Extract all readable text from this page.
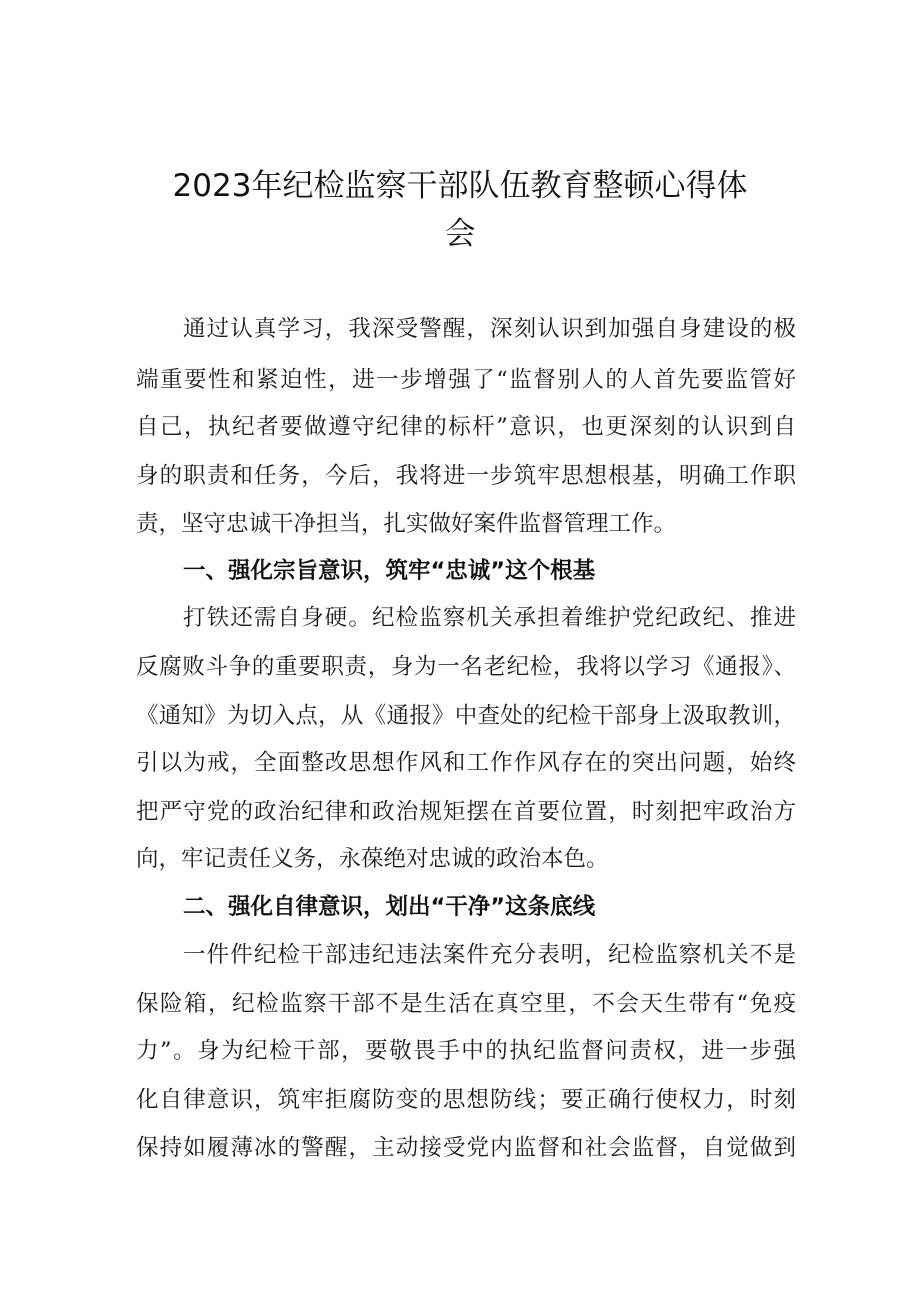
2023年纪检监察干部队伍教育整顿心得体
会

通过认真学习，我深受警醒，深刻认识到加强自身建设的极

端重要性和紧迫性，进一步增强了“监督别人的人首先要监管好

自己，执纪者要做遵守纪律的标杆”意识，也更深刻的认识到自

身的职责和任务，今后，我将进一步筑牢思想根基，明确工作职

责，坚守忠诚干净担当，扎实做好案件监督管理工作。

一、强化宗旨意识，筑牢“忠诚”这个根基

打铁还需自身硬。纪检监察机关承担着维护党纪政纪、推进

反腐败斗争的重要职责，身为一名老纪检，我将以学习《通报》、

《通知》为切入点，从《通报》中查处的纪检干部身上汲取教训，

引以为戒，全面整改思想作风和工作作风存在的突出问题，始终

把严守党的政治纪律和政治规矩摆在首要位置，时刻把牢政治方

向，牢记责任义务，永葆绝对忠诚的政治本色。

二、强化自律意识，划出“干净”这条底线

一件件纪检干部违纪违法案件充分表明，纪检监察机关不是

保险箱，纪检监察干部不是生活在真空里，不会天生带有“免疫

力”。身为纪检干部，要敬畏手中的执纪监督问责权，进一步强

化自律意识，筑牢拒腐防变的思想防线；要正确行使权力，时刻

保持如履薄冰的警醒，主动接受党内监督和社会监督，自觉做到
